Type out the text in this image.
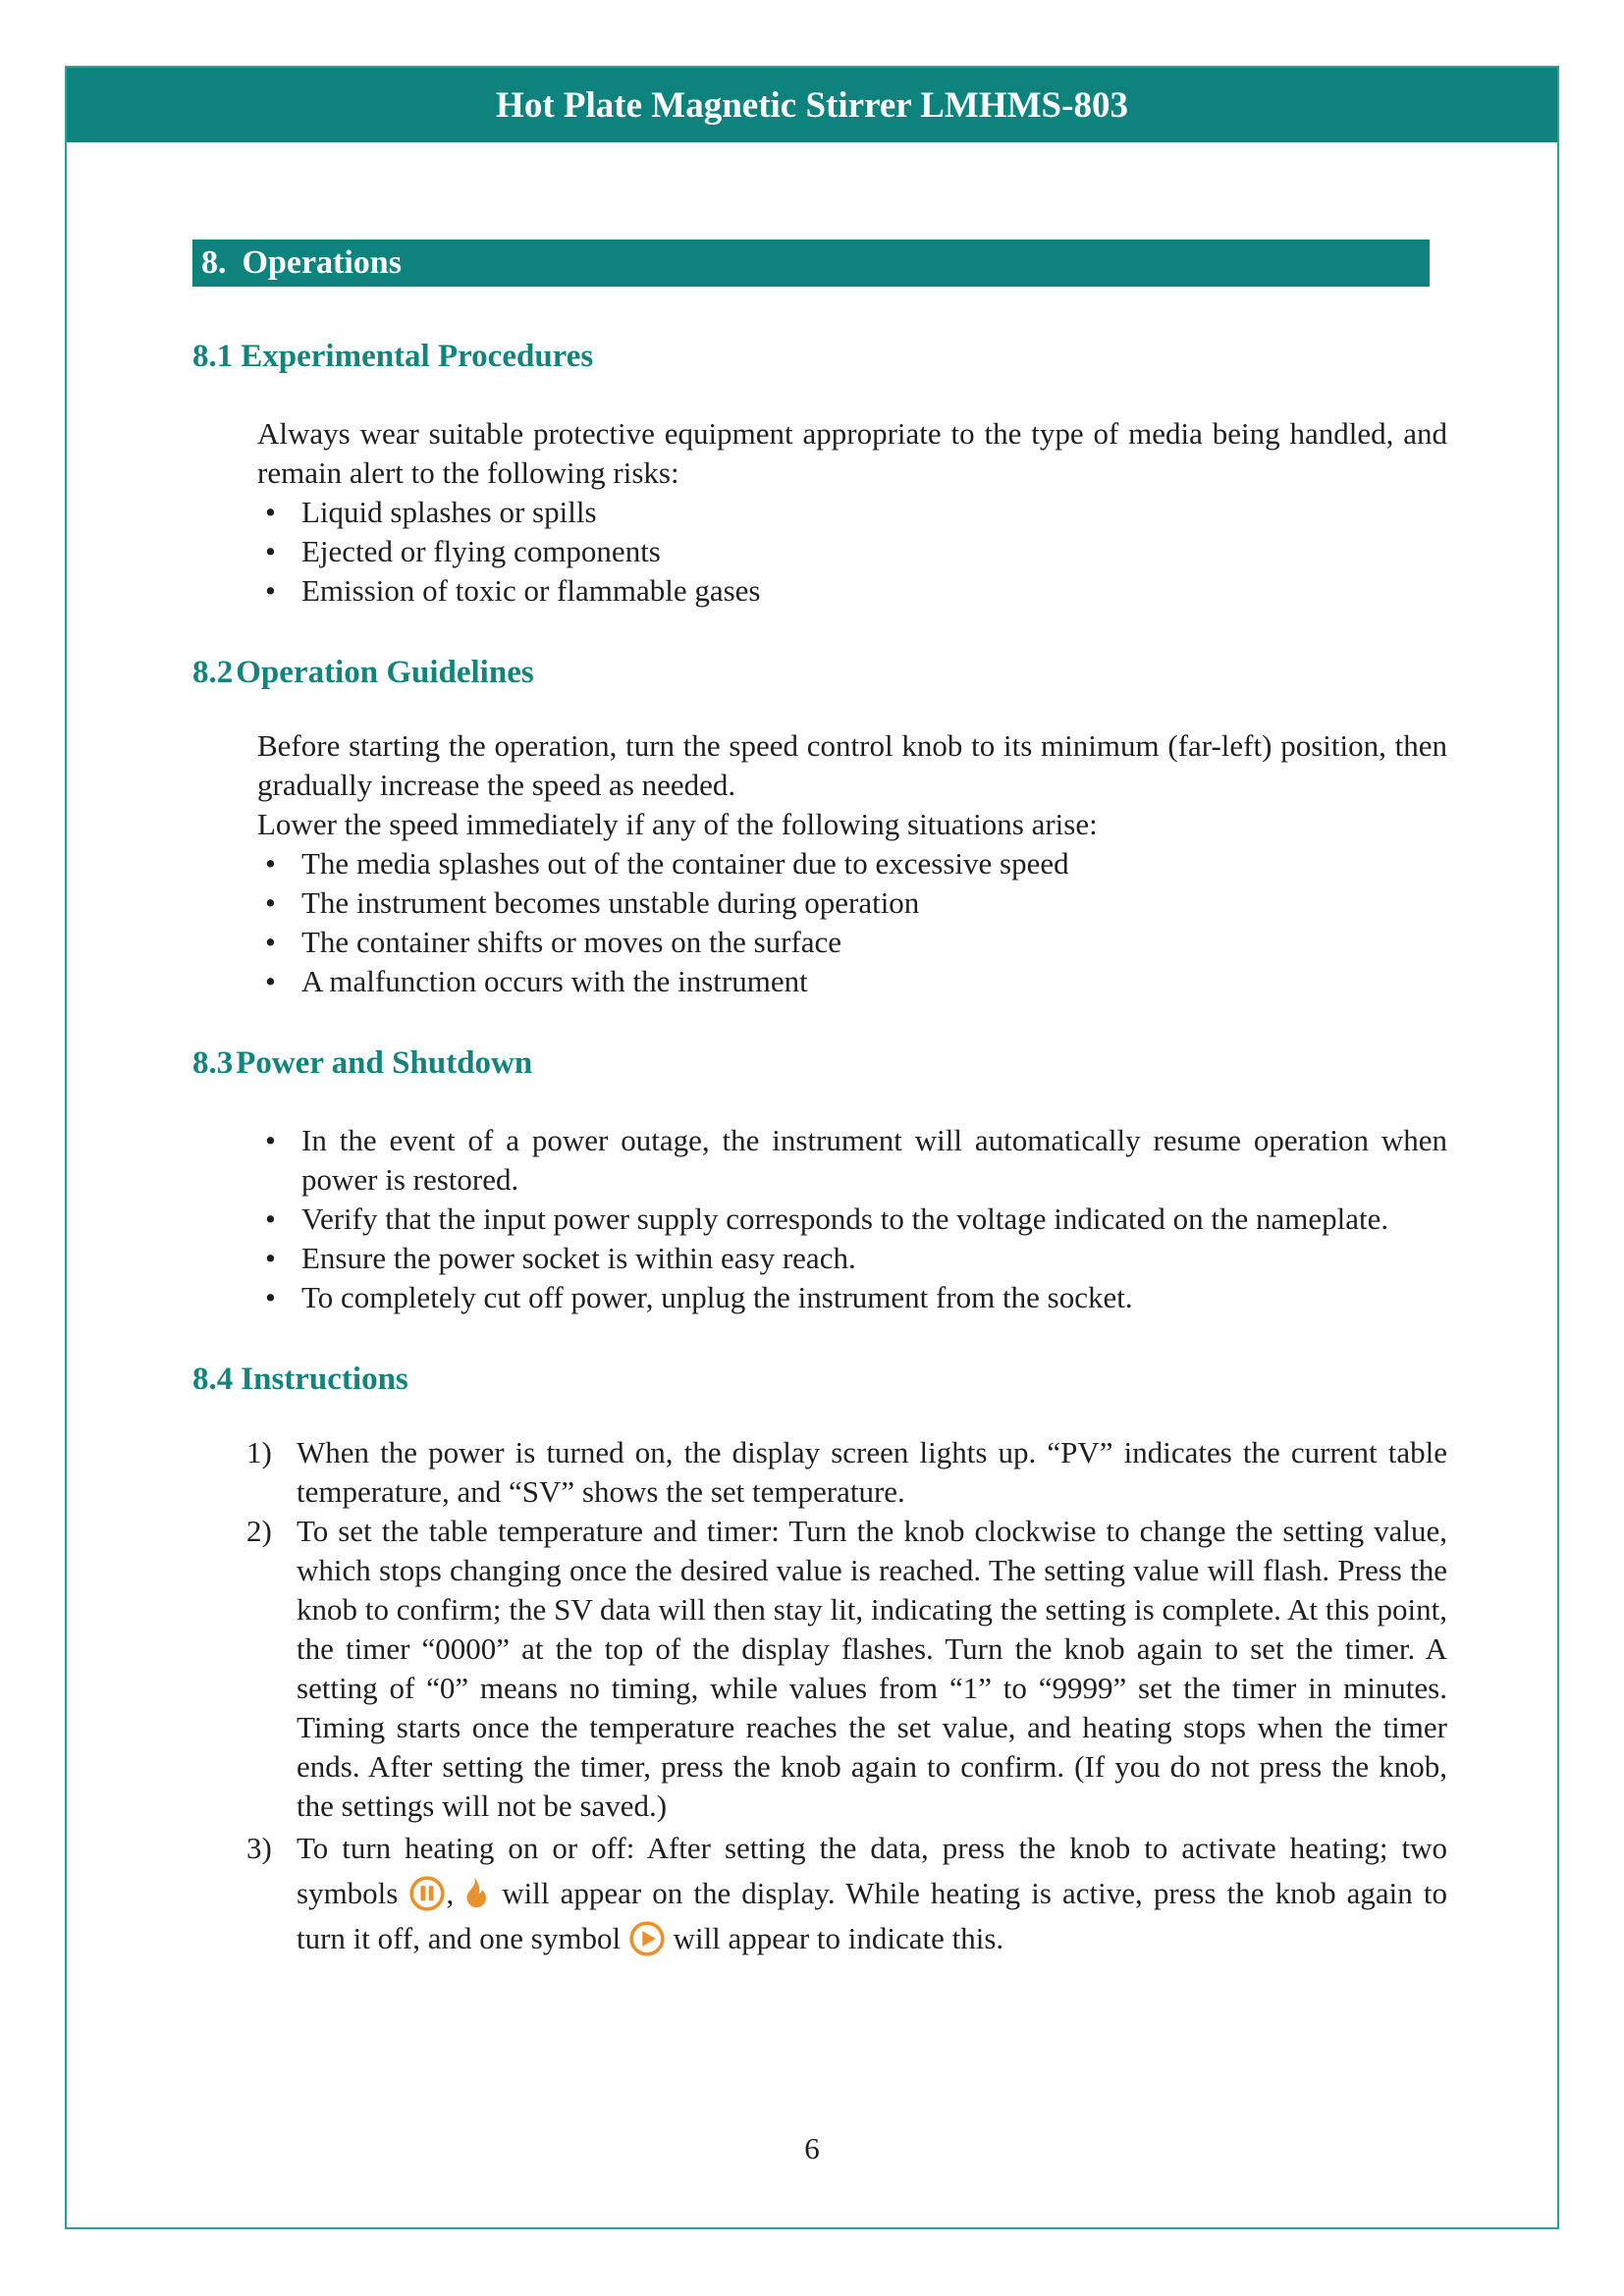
Hot Plate Magnetic Stirrer LMHMS-803
8. Operations
8.1 Experimental Procedures

Always wear suitable protective equipment appropriate to the type of media being handled, and remain alert to the following risks:

• Liquid splashes or spills
• Ejected or flying components
• Emission of toxic or flammable gases
8.2Operation Guidelines

Before starting the operation, turn the speed control knob to its minimum (far-left) position, then gradually increase the speed as needed.

Lower the speed immediately if any of the following situations arise:

• The media splashes out of the container due to excessive speed
• The instrument becomes unstable during operation
• The container shifts or moves on the surface
• A malfunction occurs with the instrument
8.3Power and Shutdown
• In the event of a power outage, the instrument will automatically resume operation when power is restored.
• Verify that the input power supply corresponds to the voltage indicated on the nameplate.
• Ensure the power socket is within easy reach.
• To completely cut off power, unplug the instrument from the socket.
8.4 Instructions
1) When the power is turned on, the display screen lights up. “PV” indicates the current table temperature, and “SV” shows the set temperature.
2) To set the table temperature and timer: Turn the knob clockwise to change the setting value, which stops changing once the desired value is reached. The setting value will flash. Press the knob to confirm; the SV data will then stay lit, indicating the setting is complete. At this point, the timer “0000” at the top of the display flashes. Turn the knob again to set the timer. A setting of “0” means no timing, while values from “1” to “9999” set the timer in minutes. Timing starts once the temperature reaches the set value, and heating stops when the timer ends. After setting the timer, press the knob again to confirm. (If you do not press the knob, the settings will not be saved.)
3) To turn heating on or off: After setting the data, press the knob to activate heating; two symbols , will appear on the display. While heating is active, press the knob again to turn it off, and one symbol  will appear to indicate this.
6
